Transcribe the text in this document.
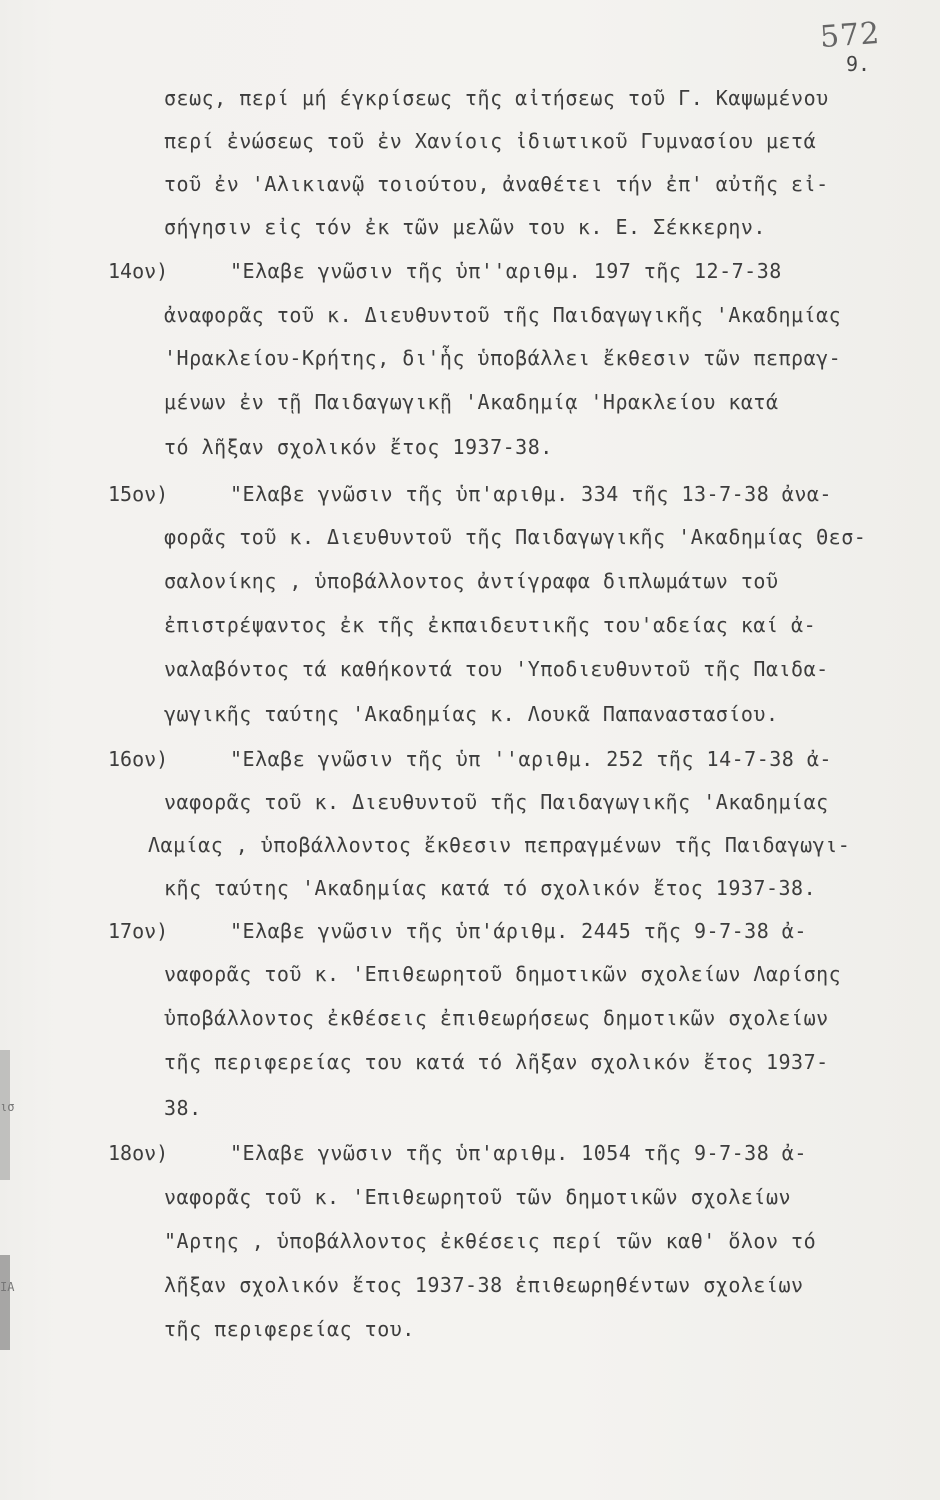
ισ
ΙΑ
572
9.
14ον)
15ον)
16ον)
17ον)
18ον)
σεως, περί μή έγκρίσεως τῆς αἰτήσεως τοῦ Γ. Καψωμένου
περί ἐνώσεως τοῦ ἐν Χανίοις ἰδιωτικοῦ Γυμνασίου μετά
τοῦ ἐν 'Αλικιανῷ τοιούτου, ἀναθέτει τήν ἐπ' αὐτῆς εἰ-
σήγησιν εἰς τόν ἐκ τῶν μελῶν του κ. Ε. Σέκκερην.
"Ελαβε γνῶσιν τῆς ὑπ''αριθμ. 197 τῆς 12-7-38
ἀναφορᾶς τοῦ κ. Διευθυντοῦ τῆς Παιδαγωγικῆς 'Ακαδημίας
'Ηρακλείου-Κρήτης, δι'ἧς ὑποβάλλει ἔκθεσιν τῶν πεπραγ-
μένων ἐν τῇ Παιδαγωγικῇ 'Ακαδημίᾳ 'Ηρακλείου κατά
τό λῆξαν σχολικόν ἔτος 1937-38.
"Ελαβε γνῶσιν τῆς ὑπ'αριθμ. 334 τῆς 13-7-38 ἀνα-
φορᾶς τοῦ κ. Διευθυντοῦ τῆς Παιδαγωγικῆς 'Ακαδημίας Θεσ-
σαλονίκης , ὑποβάλλοντος ἀντίγραφα διπλωμάτων τοῦ
ἐπιστρέψαντος ἐκ τῆς ἐκπαιδευτικῆς του'αδείας καί ἀ-
ναλαβόντος τά καθήκοντά του 'Υποδιευθυντοῦ τῆς Παιδα-
γωγικῆς ταύτης 'Ακαδημίας κ. Λουκᾶ Παπαναστασίου.
"Ελαβε γνῶσιν τῆς ὑπ ''αριθμ. 252 τῆς 14-7-38 ἀ-
ναφορᾶς τοῦ κ. Διευθυντοῦ τῆς Παιδαγωγικῆς 'Ακαδημίας
Λαμίας , ὑποβάλλοντος ἔκθεσιν πεπραγμένων τῆς Παιδαγωγι-
κῆς ταύτης 'Ακαδημίας κατά τό σχολικόν ἔτος 1937-38.
"Ελαβε γνῶσιν τῆς ὑπ'άριθμ. 2445 τῆς 9-7-38 ἀ-
ναφορᾶς τοῦ κ. 'Επιθεωρητοῦ δημοτικῶν σχολείων Λαρίσης
ὑποβάλλοντος ἐκθέσεις ἐπιθεωρήσεως δημοτικῶν σχολείων
τῆς περιφερείας του κατά τό λῆξαν σχολικόν ἔτος 1937-
38.
"Ελαβε γνῶσιν τῆς ὑπ'αριθμ. 1054 τῆς 9-7-38 ἀ-
ναφορᾶς τοῦ κ. 'Επιθεωρητοῦ τῶν δημοτικῶν σχολείων
"Αρτης , ὑποβάλλοντος ἐκθέσεις περί τῶν καθ' ὅλον τό
λῆξαν σχολικόν ἔτος 1937-38 ἐπιθεωρηθέντων σχολείων
τῆς περιφερείας του.
